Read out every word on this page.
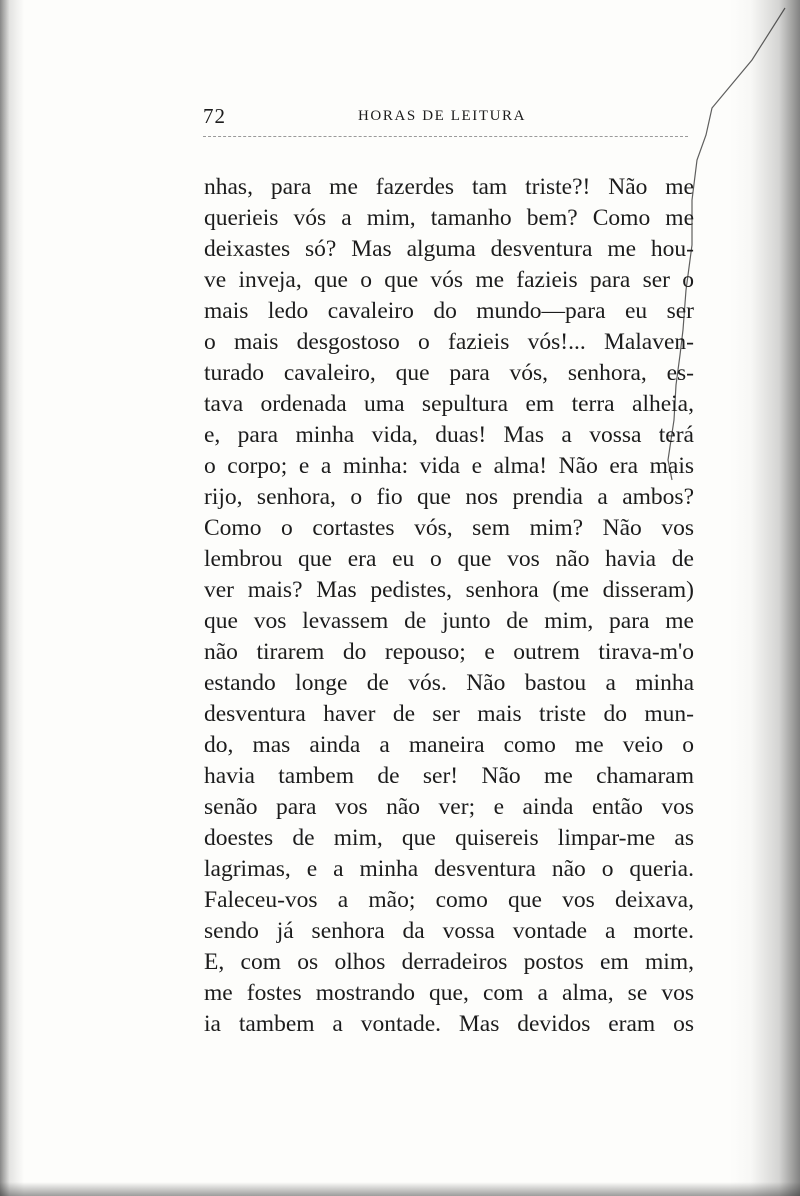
72	HORAS DE LEITURA
nhas, para me fazerdes tam triste?! Não me
querieis vós a mim, tamanho bem? Como me
deixastes só? Mas alguma desventura me hou-
ve inveja, que o que vós me fazieis para ser o
mais ledo cavaleiro do mundo—para eu ser
o mais desgostoso o fazieis vós!... Malaven-
turado cavaleiro, que para vós, senhora, es-
tava ordenada uma sepultura em terra alheia,
e, para minha vida, duas! Mas a vossa terá
o corpo; e a minha: vida e alma! Não era mais
rijo, senhora, o fio que nos prendia a ambos?
Como o cortastes vós, sem mim? Não vos
lembrou que era eu o que vos não havia de
ver mais? Mas pedistes, senhora (me disseram)
que vos levassem de junto de mim, para me
não tirarem do repouso; e outrem tirava-m'o
estando longe de vós. Não bastou a minha
desventura haver de ser mais triste do mun-
do, mas ainda a maneira como me veio o
havia tambem de ser! Não me chamaram
senão para vos não ver; e ainda então vos
doestes de mim, que quisereis limpar-me as
lagrimas, e a minha desventura não o queria.
Faleceu-vos a mão; como que vos deixava,
sendo já senhora da vossa vontade a morte.
E, com os olhos derradeiros postos em mim,
me fostes mostrando que, com a alma, se vos
ia tambem a vontade. Mas devidos eram os
